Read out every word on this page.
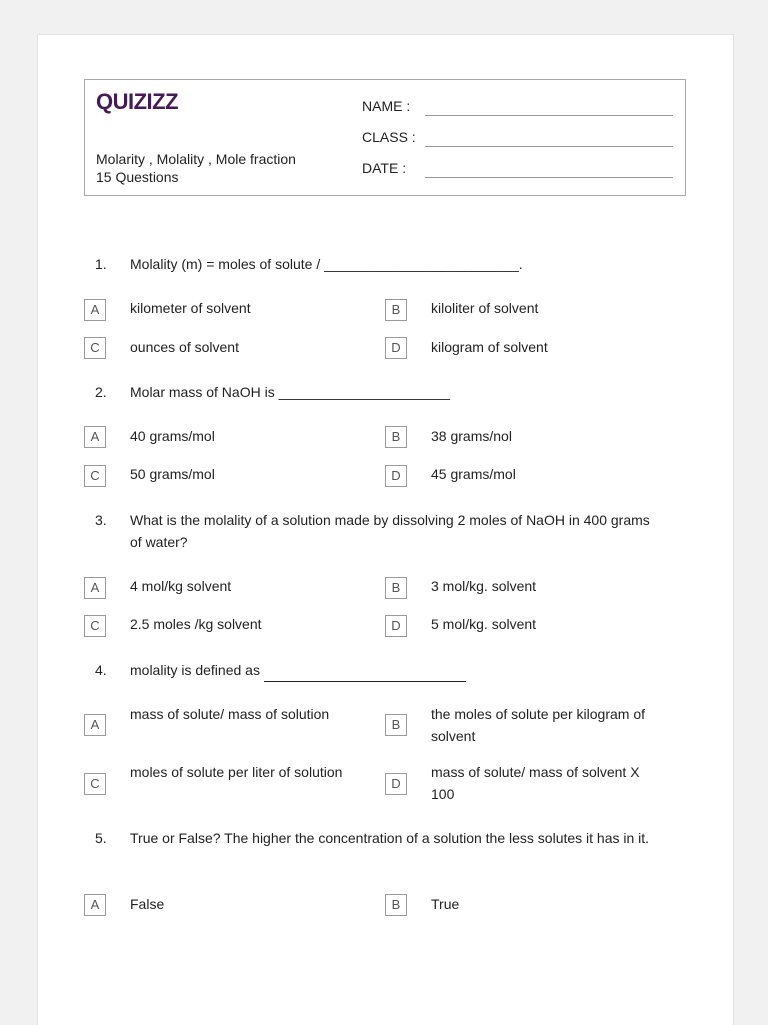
QUIZIZZ
Molarity , Molality , Mole fraction
15 Questions
NAME :
CLASS :
DATE :
1. Molality (m) = moles of solute / _________________________.
A	kilometer of solvent	B	kiloliter of solvent
C	ounces of solvent	D	kilogram of solvent
2. Molar mass of NaOH is ______________________
A	40 grams/mol	B	38 grams/nol
C	50 grams/mol	D	45 grams/mol
3. What is the molality of a solution made by dissolving 2 moles of NaOH in 400 grams of water?
A	4 mol/kg solvent	B	3 mol/kg. solvent
C	2.5 moles /kg solvent	D	5 mol/kg. solvent
4. molality is defined as
A
mass of solute/ mass of solution
B
the moles of solute per kilogram of solvent
C
moles of solute per liter of solution
D
mass of solute/ mass of solvent X 100
5. True or False? The higher the concentration of a solution the less solutes it has in it.
A	False	B	True
